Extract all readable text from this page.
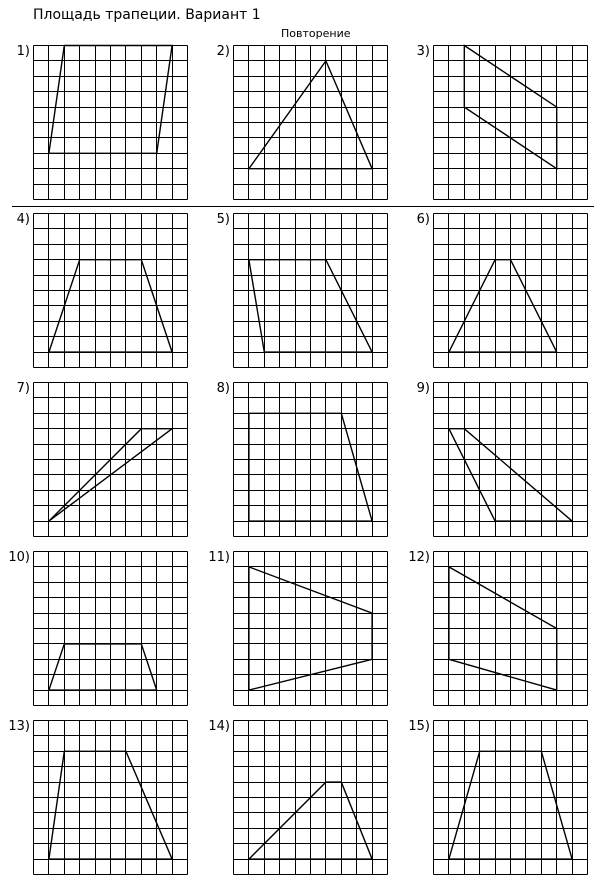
Площадь трапеции. Вариант 1
Повторение
1)	2)	3)
4)	5)	6)
7)	8)	9)
10)	11)	12)
13)	14)	15)
